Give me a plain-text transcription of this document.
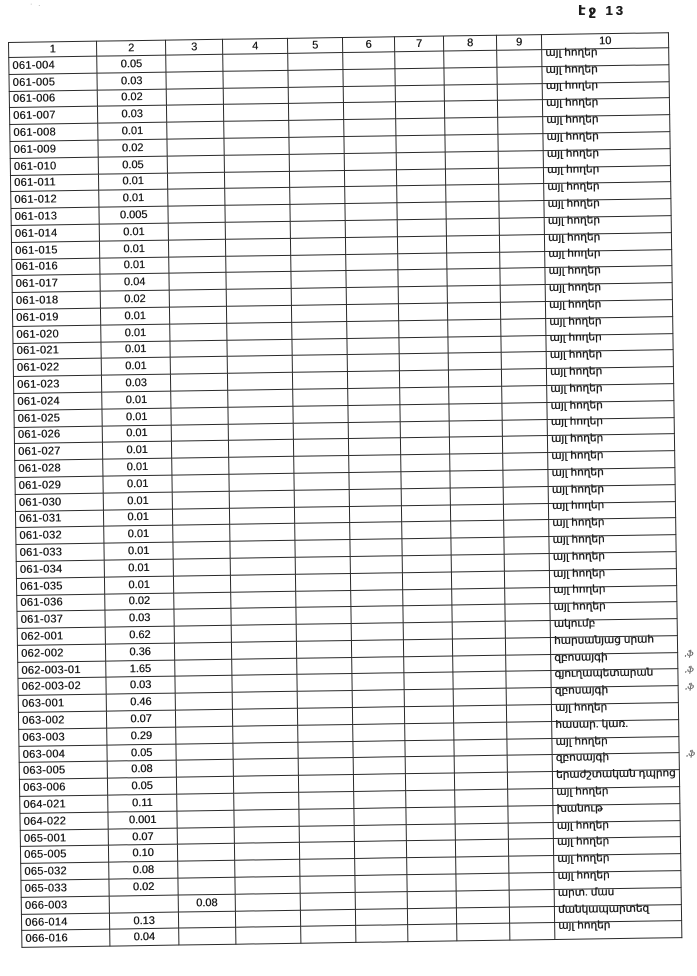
էջ 13
· .
1	2	3	4	5	6	7	8	9	10
061-004	0.05								այլ հողեր
061-005	0.03								այլ հողեր
061-006	0.02								այլ հողեր
061-007	0.03								այլ հողեր
061-008	0.01								այլ հողեր
061-009	0.02								այլ հողեր
061-010	0.05								այլ հողեր
061-011	0.01								այլ հողեր
061-012	0.01								այլ հողեր
061-013	0.005								այլ հողեր
061-014	0.01								այլ հողեր
061-015	0.01								այլ հողեր
061-016	0.01								այլ հողեր
061-017	0.04								այլ հողեր
061-018	0.02								այլ հողեր
061-019	0.01								այլ հողեր
061-020	0.01								այլ հողեր
061-021	0.01								այլ հողեր
061-022	0.01								այլ հողեր
061-023	0.03								այլ հողեր
061-024	0.01								այլ հողեր
061-025	0.01								այլ հողեր
061-026	0.01								այլ հողեր
061-027	0.01								այլ հողեր
061-028	0.01								այլ հողեր
061-029	0.01								այլ հողեր
061-030	0.01								այլ հողեր
061-031	0.01								այլ հողեր
061-032	0.01								այլ հողեր
061-033	0.01								այլ հողեր
061-034	0.01								այլ հողեր
061-035	0.01								այլ հողեր
061-036	0.02								այլ հողեր
061-037	0.03								այլ հողեր
062-001	0.62								ակումբ
062-002	0.36								հարսանյաց սրահ
062-003-01	1.65								զբոսայգի ,ֆ

062-003-02	0.03								գյուղապետարան ,ֆ

063-001	0.46								զբոսայգի ,ֆ

063-002	0.07								այլ հողեր
063-003	0.29								հասար. կառ.
063-004	0.05								այլ հողեր
063-005	0.08								զբոսայգի ,ֆ

063-006	0.05								երաժշտական դպրոց
064-021	0.11								այլ հողեր
064-022	0.001								խանութ
065-001	0.07								այլ հողեր
065-005	0.10								այլ հողեր
065-032	0.08								այլ հողեր
065-033	0.02								այլ հողեր
066-003		0.08							արտ. մաս
066-014	0.13								մանկապարտեզ
066-016	0.04								այլ հողեր
